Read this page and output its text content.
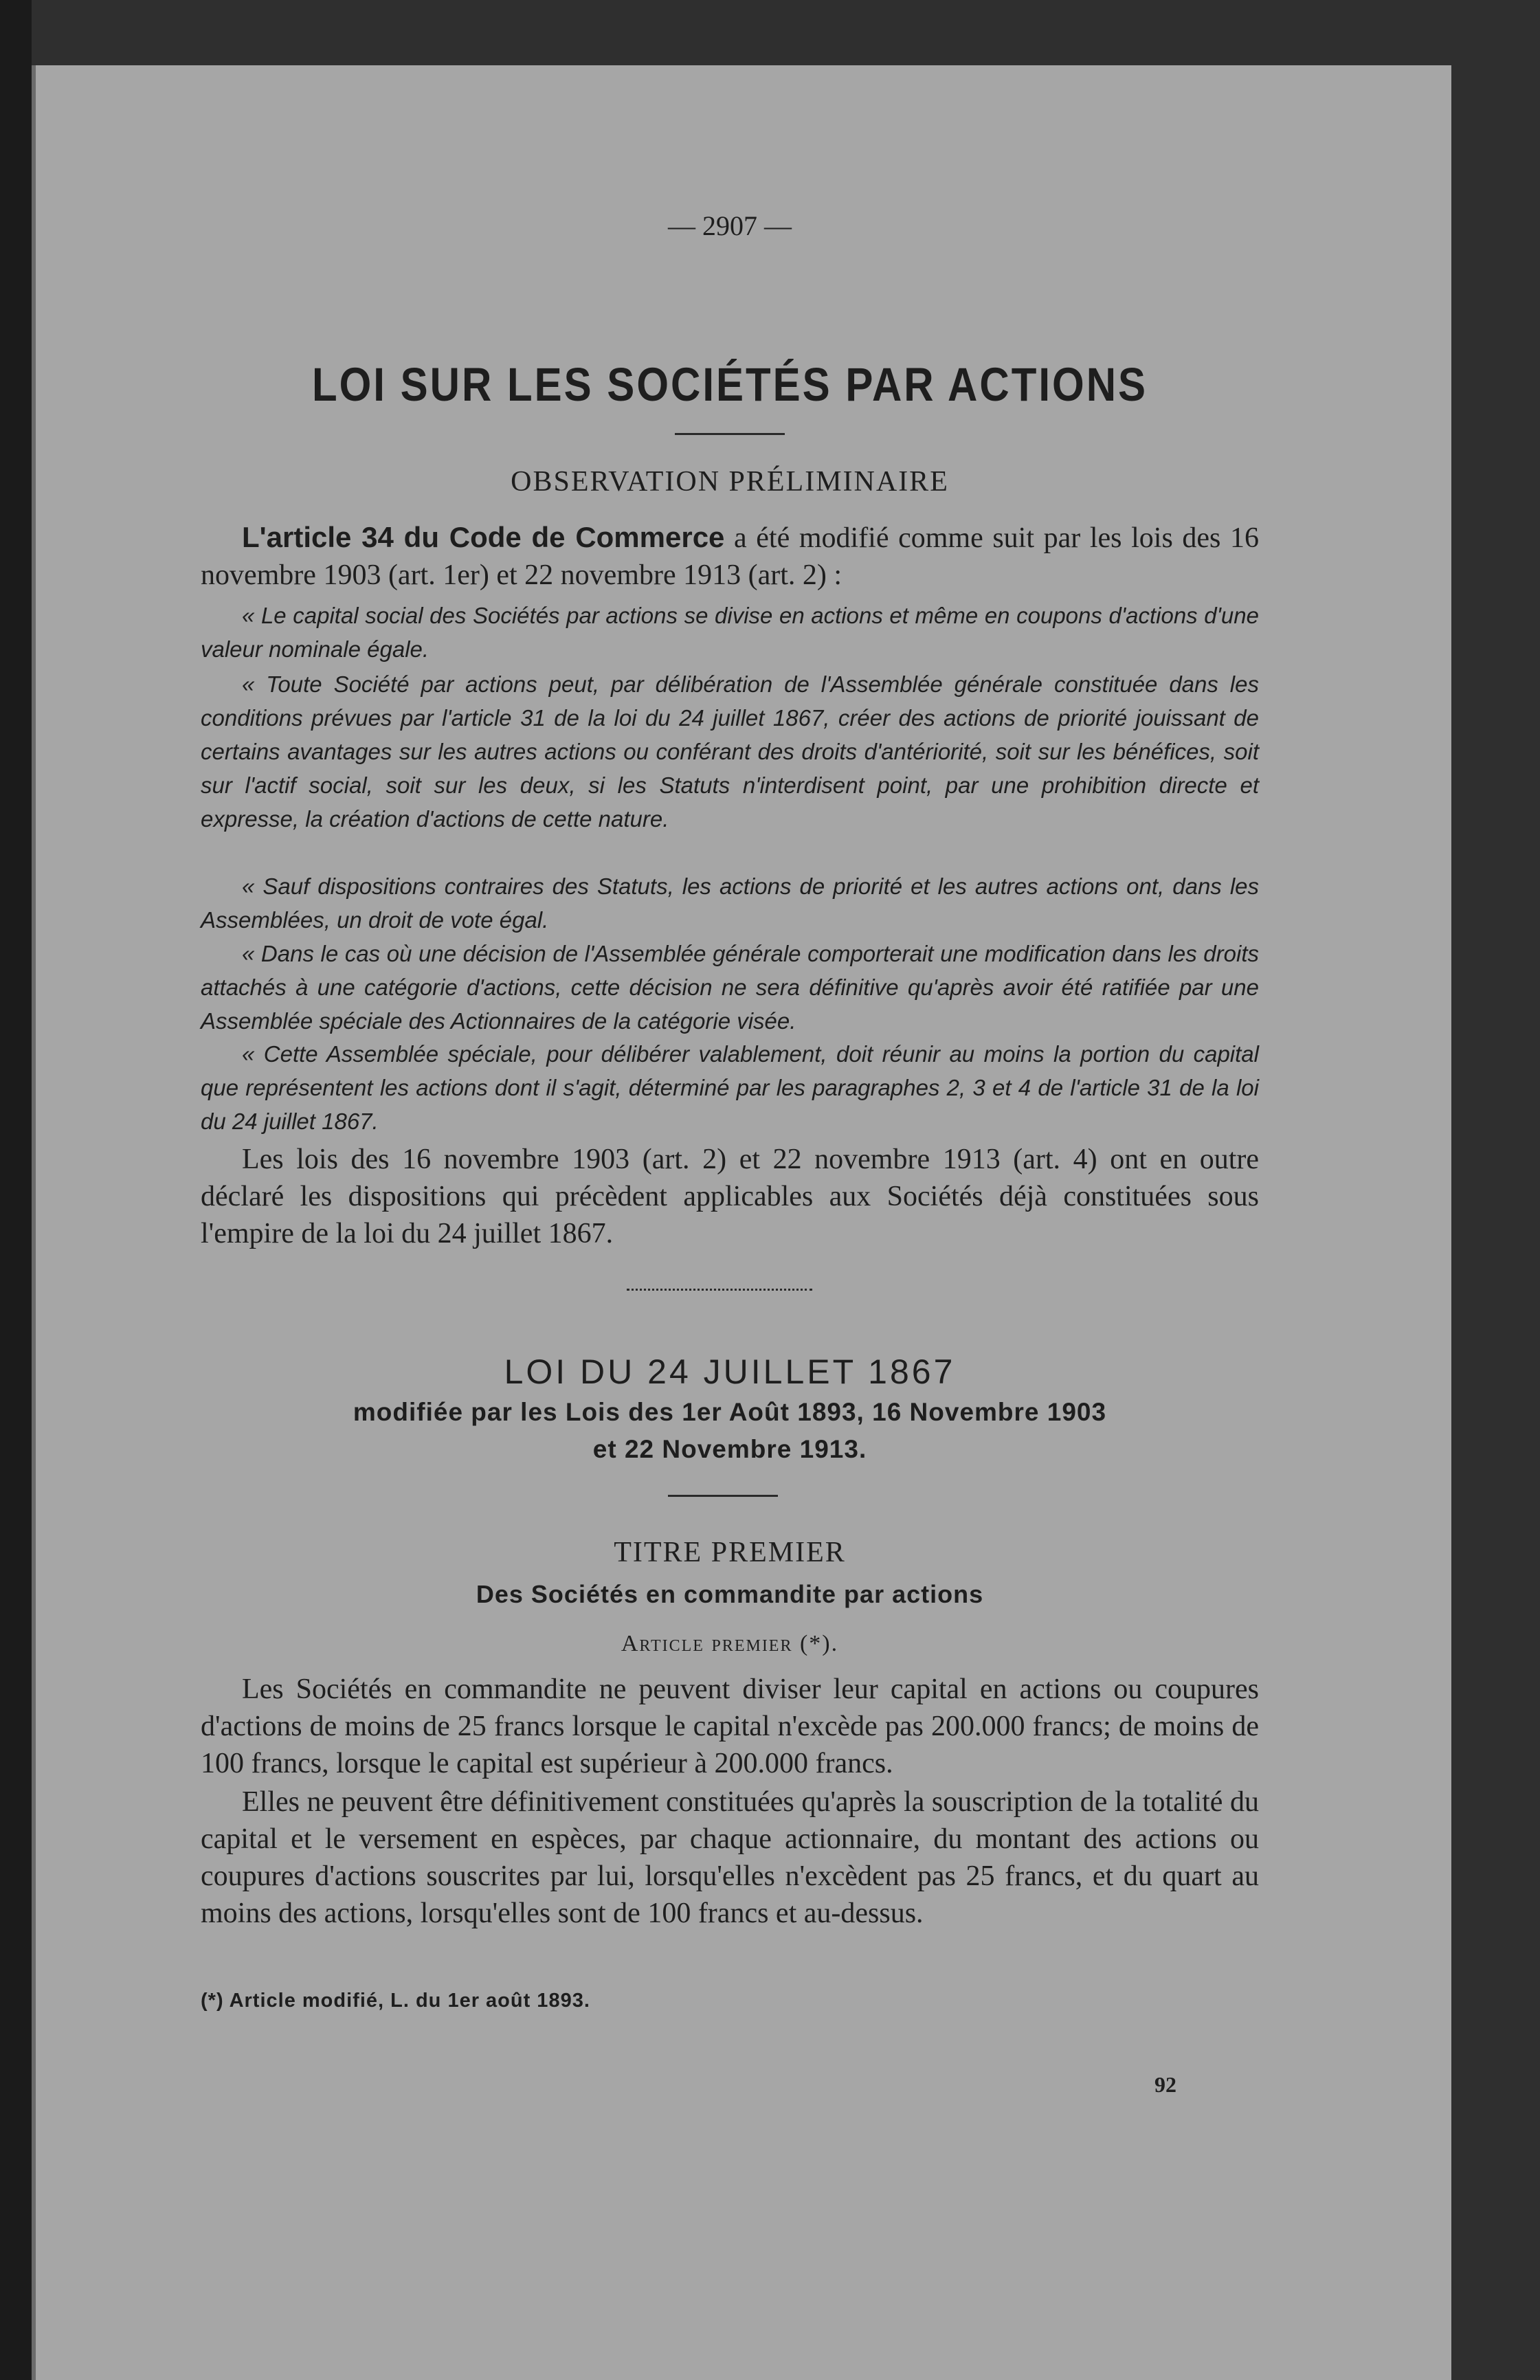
— 2907 —
LOI SUR LES SOCIÉTÉS PAR ACTIONS
OBSERVATION PRÉLIMINAIRE
L'article 34 du Code de Commerce a été modifié comme suit par les lois des 16 novembre 1903 (art. 1er) et 22 novembre 1913 (art. 2) :
« Le capital social des Sociétés par actions se divise en actions et même en coupons d'actions d'une valeur nominale égale.
« Toute Société par actions peut, par délibération de l'Assemblée générale constituée dans les conditions prévues par l'article 31 de la loi du 24 juillet 1867, créer des actions de priorité jouissant de certains avantages sur les autres actions ou conférant des droits d'antériorité, soit sur les bénéfices, soit sur l'actif social, soit sur les deux, si les Statuts n'interdisent point, par une prohibition directe et expresse, la création d'actions de cette nature.
« Sauf dispositions contraires des Statuts, les actions de priorité et les autres actions ont, dans les Assemblées, un droit de vote égal.
« Dans le cas où une décision de l'Assemblée générale comporterait une modification dans les droits attachés à une catégorie d'actions, cette décision ne sera définitive qu'après avoir été ratifiée par une Assemblée spéciale des Actionnaires de la catégorie visée.
« Cette Assemblée spéciale, pour délibérer valablement, doit réunir au moins la portion du capital que représentent les actions dont il s'agit, déterminé par les paragraphes 2, 3 et 4 de l'article 31 de la loi du 24 juillet 1867.
Les lois des 16 novembre 1903 (art. 2) et 22 novembre 1913 (art. 4) ont en outre déclaré les dispositions qui précèdent applicables aux Sociétés déjà constituées sous l'empire de la loi du 24 juillet 1867.
LOI DU 24 JUILLET 1867
modifiée par les Lois des 1er Août 1893, 16 Novembre 1903
et 22 Novembre 1913.
TITRE PREMIER
Des Sociétés en commandite par actions
Article premier (*).
Les Sociétés en commandite ne peuvent diviser leur capital en actions ou coupures d'actions de moins de 25 francs lorsque le capital n'excède pas 200.000 francs; de moins de 100 francs, lorsque le capital est supérieur à 200.000 francs.
Elles ne peuvent être définitivement constituées qu'après la souscription de la totalité du capital et le versement en espèces, par chaque actionnaire, du montant des actions ou coupures d'actions souscrites par lui, lorsqu'elles n'excèdent pas 25 francs, et du quart au moins des actions, lorsqu'elles sont de 100 francs et au-dessus.
(*) Article modifié, L. du 1er août 1893.
92
